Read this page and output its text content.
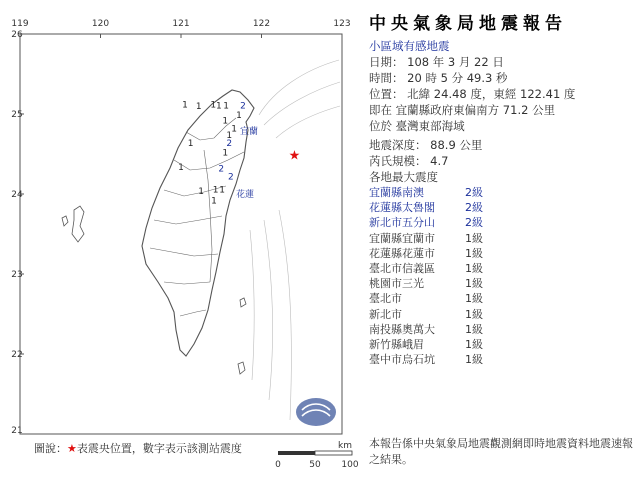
119	120	121	122	123
26
25
24
23
22
21
1 1 1 1 1 2
1
1
1
1
2
1
1
1	2
2
1 1
1
1
宜蘭
花蓮
★
中央氣象局地震報告
小區域有感地震
日期： 108 年 3 月 22 日
時間： 20 時 5 分 49.3 秒
位置： 北緯 24.48 度，東經 122.41 度
即在 宜蘭縣政府東偏南方 71.2 公里
位於 臺灣東部海域
地震深度： 88.9 公里
芮氏規模： 4.7
各地最大震度
宜蘭縣南澳	2級
花蓮縣太魯閣	2級
新北市五分山	2級
宜蘭縣宜蘭市	1級
花蓮縣花蓮市	1級
臺北市信義區	1級
桃園市三光	1級
臺北市	1級
新北市	1級
南投縣奧萬大	1級
新竹縣峨眉	1級
臺中市烏石坑	1級
圖說：★表震央位置，數字表示該測站震度	km
0	50 100
本報告係中央氣象局地震觀測網即時地震資料地震速報之結果。
